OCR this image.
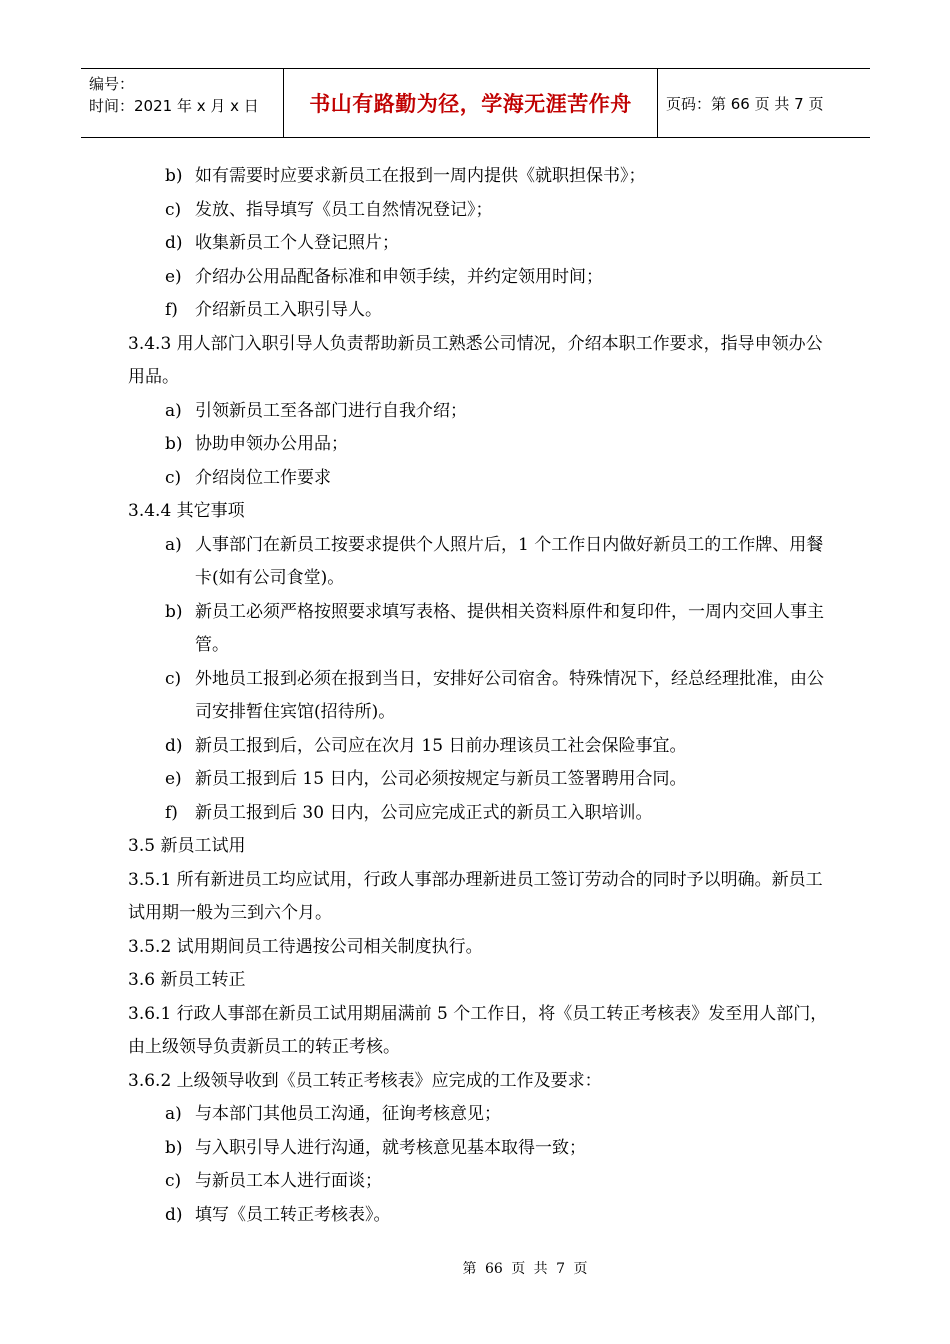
编号：
时间：2021 年 x 月 x 日	书山有路勤为径，学海无涯苦作舟	页码：第 66 页 共 7 页
b) 如有需要时应要求新员工在报到一周内提供《就职担保书》；
c) 发放、指导填写《员工自然情况登记》；
d) 收集新员工个人登记照片；
e) 介绍办公用品配备标准和申领手续，并约定领用时间；
f)	介绍新员工入职引导人。

3.4.3 用人部门入职引导人负责帮助新员工熟悉公司情况，介绍本职工作要求，指导申领办公用品。

a) 引领新员工至各部门进行自我介绍；
b) 协助申领办公用品；
c) 介绍岗位工作要求

3.4.4 其它事项

a) 人事部门在新员工按要求提供个人照片后，1 个工作日内做好新员工的工作牌、用餐卡(如有公司食堂)。
b) 新员工必须严格按照要求填写表格、提供相关资料原件和复印件，一周内交回人事主管。
c) 外地员工报到必须在报到当日，安排好公司宿舍。特殊情况下，经总经理批准，由公司安排暂住宾馆(招待所)。
d) 新员工报到后，公司应在次月 15 日前办理该员工社会保险事宜。
e) 新员工报到后 15 日内，公司必须按规定与新员工签署聘用合同。
f)	新员工报到后 30 日内，公司应完成正式的新员工入职培训。

3.5 新员工试用

3.5.1 所有新进员工均应试用，行政人事部办理新进员工签订劳动合的同时予以明确。新员工试用期一般为三到六个月。

3.5.2 试用期间员工待遇按公司相关制度执行。

3.6 新员工转正

3.6.1 行政人事部在新员工试用期届满前 5 个工作日，将《员工转正考核表》发至用人部门，由上级领导负责新员工的转正考核。

3.6.2 上级领导收到《员工转正考核表》应完成的工作及要求：

a) 与本部门其他员工沟通，征询考核意见；
b) 与入职引导人进行沟通，就考核意见基本取得一致；
c) 与新员工本人进行面谈；
d) 填写《员工转正考核表》。
第 66 页 共 7 页
